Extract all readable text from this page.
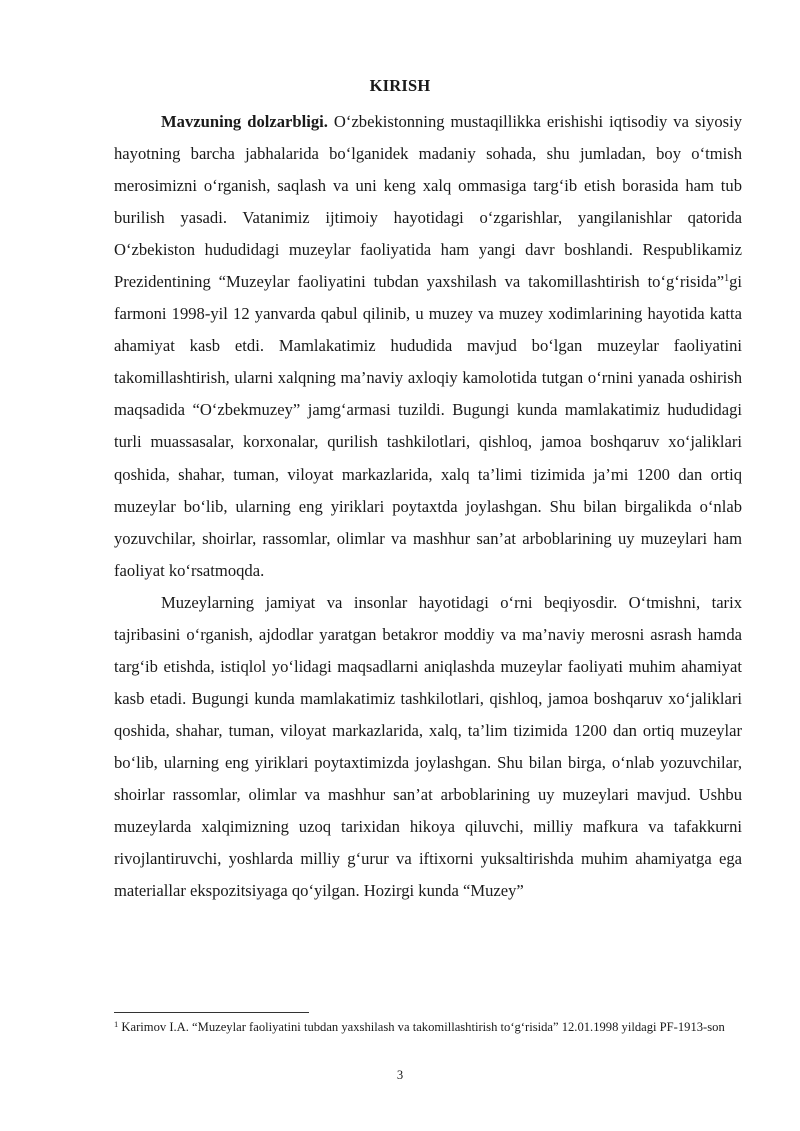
KIRISH

Mavzuning dolzarbligi. O‘zbekistonning mustaqillikka erishishi iqtisodiy va siyosiy hayotning barcha jabhalarida bo‘lganidek madaniy sohada, shu jumladan, boy o‘tmish merosimizni o‘rganish, saqlash va uni keng xalq ommasiga targ‘ib etish borasida ham tub burilish yasadi. Vatanimiz ijtimoiy hayotidagi o‘zgarishlar, yangilanishlar qatorida O‘zbekiston hududidagi muzeylar faoliyatida ham yangi davr boshlandi. Respublikamiz Prezidentining “Muzeylar faoliyatini tubdan yaxshilash va takomillashtirish to‘g‘risida”$^1$gi farmoni 1998-yil 12 yanvarda qabul qilinib, u muzey va muzey xodimlarining hayotida katta ahamiyat kasb etdi. Mamlakatimiz hududida mavjud bo‘lgan muzeylar faoliyatini takomillashtirish, ularni xalqning ma’naviy axloqiy kamolotida tutgan o‘rnini yanada oshirish maqsadida “O‘zbekmuzey” jamg‘armasi tuzildi. Bugungi kunda mamlakatimiz hududidagi turli muassasalar, korxonalar, qurilish tashkilotlari, qishloq, jamoa boshqaruv xo‘jaliklari qoshida, shahar, tuman, viloyat markazlarida, xalq ta’limi tizimida ja’mi 1200 dan ortiq muzeylar bo‘lib, ularning eng yiriklari poytaxtda joylashgan. Shu bilan birgalikda o‘nlab yozuvchilar, shoirlar, rassomlar, olimlar va mashhur san’at arboblarining uy muzeylari ham faoliyat ko‘rsatmoqda.

Muzeylarning jamiyat va insonlar hayotidagi o‘rni beqiyosdir. O‘tmishni, tarix tajribasini o‘rganish, ajdodlar yaratgan betakror moddiy va ma’naviy merosni asrash hamda targ‘ib etishda, istiqlol yo‘lidagi maqsadlarni aniqlashda muzeylar faoliyati muhim ahamiyat kasb etadi. Bugungi kunda mamlakatimiz tashkilotlari, qishloq, jamoa boshqaruv xo‘jaliklari qoshida, shahar, tuman, viloyat markazlarida, xalq, ta’lim tizimida 1200 dan ortiq muzeylar bo‘lib, ularning eng yiriklari poytaxtimizda joylashgan. Shu bilan birga, o‘nlab yozuvchilar, shoirlar rassomlar, olimlar va mashhur san’at arboblarining uy muzeylari mavjud. Ushbu muzeylarda xalqimizning uzoq tarixidan hikoya qiluvchi, milliy mafkura va tafakkurni rivojlantiruvchi, yoshlarda milliy g‘urur va iftixorni yuksaltirishda muhim ahamiyatga ega materiallar ekspozitsiyaga qo‘yilgan. Hozirgi kunda “Muzey”

$^1$ Karimov I.A. “Muzeylar faoliyatini tubdan yaxshilash va takomillashtirish to‘g‘risida” 12.01.1998 yildagi PF-1913-son
3
